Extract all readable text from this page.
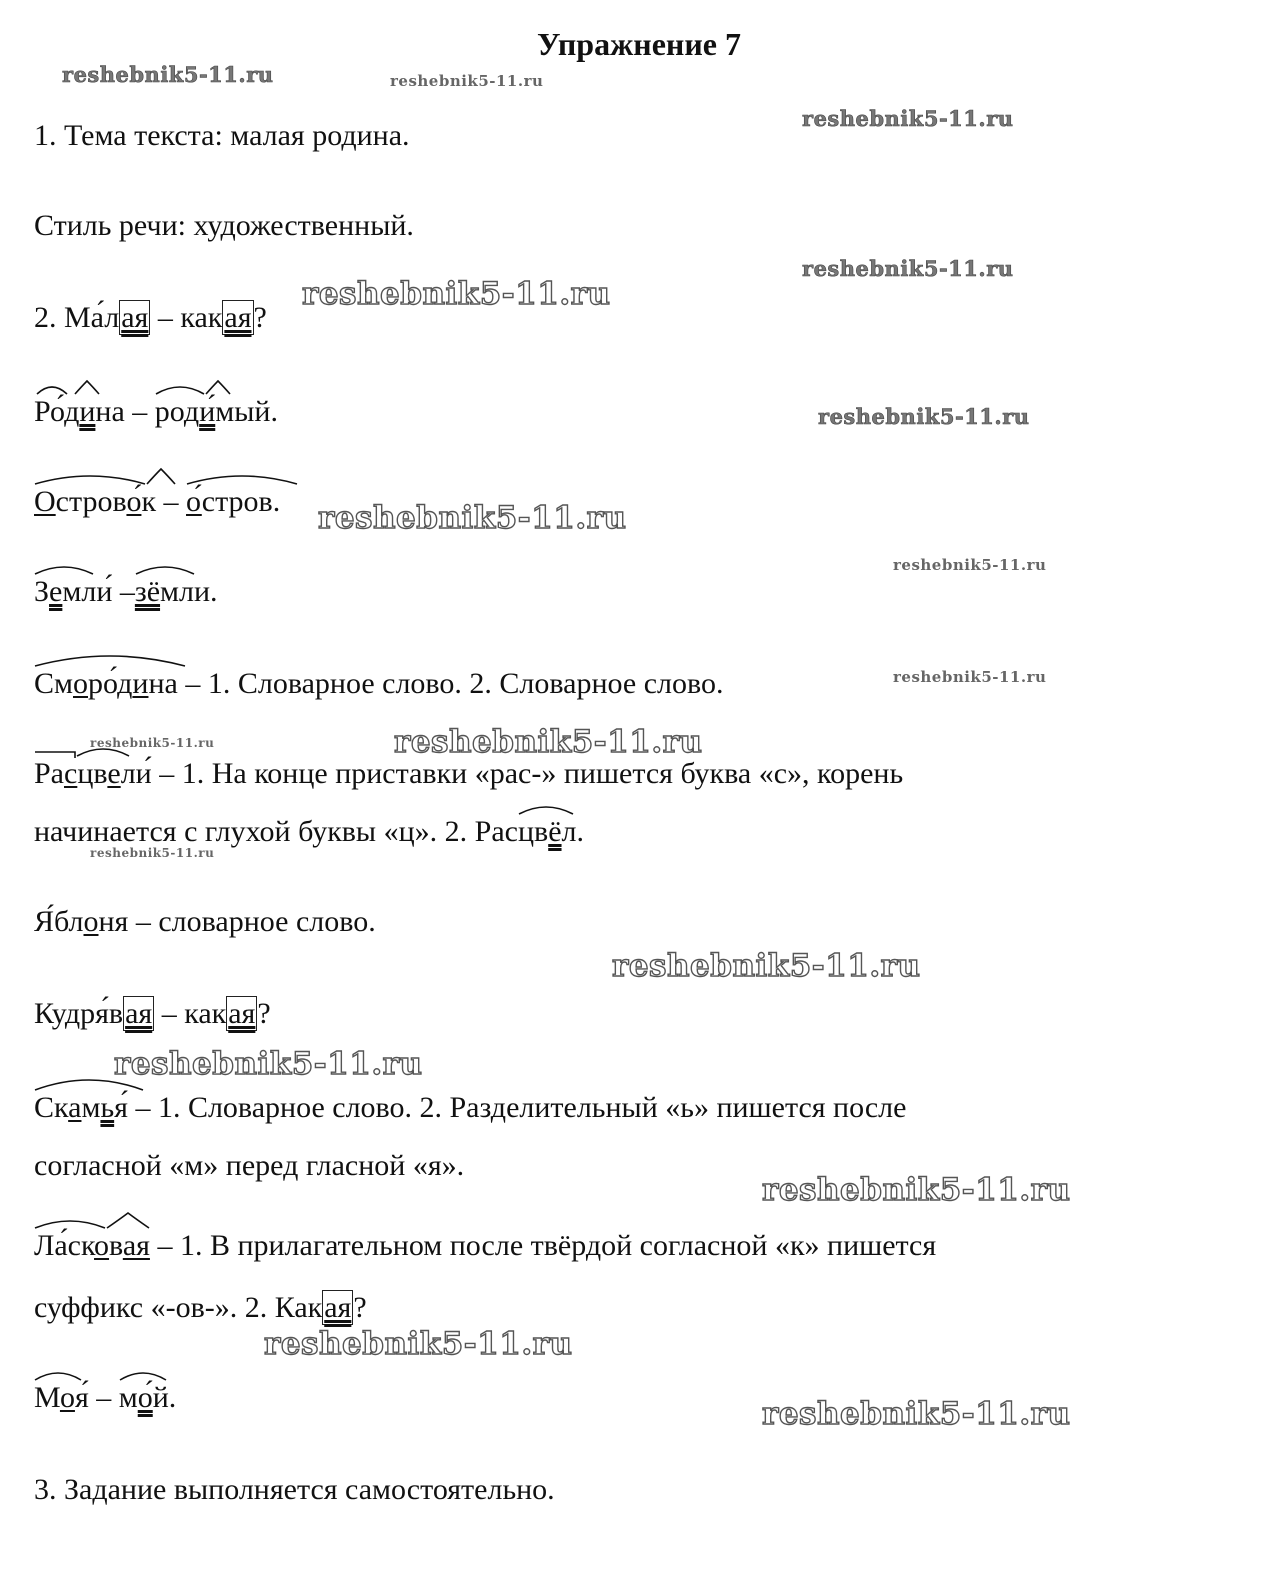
Упражнение 7
1. Тема текста: малая родина.
Стиль речи: художественный.
2. Ма́лая – какая?
Ро́дина –
роди́мый.
Острово́к –
о́стров.
Земли́ –
зёмли.
Сморо́дина – 1. Словарное слово. 2. Словарное слово.
Расцвели́ – 1. На конце приставки «рас-» пишется буква «с», корень
начинается с глухой буквы «ц». 2. Рас
цвёл.
Я́блоня – словарное слово.
Кудря́вая – какая?
Скамья́ – 1. Словарное слово. 2. Разделительный «ь» пишется после
согласной «м» перед гласной «я».
Ла́сковая – 1. В прилагательном после твёрдой согласной «к» пишется
суффикс «-ов-». 2. Какая?
Моя́ –
мо́й.
3. Задание выполняется самостоятельно.
reshebnik5-11.ru	reshebnik5-11.ru
reshebnik5-11.ru
reshebnik5-11.ru
reshebnik5-11.ru
reshebnik5-11.ru
reshebnik5-11.ru
reshebnik5-11.ru
reshebnik5-11.ru
reshebnik5-11.ru
reshebnik5-11.ru
reshebnik5-11.ru
reshebnik5-11.ru
reshebnik5-11.ru
reshebnik5-11.ru
reshebnik5-11.ru
reshebnik5-11.ru
